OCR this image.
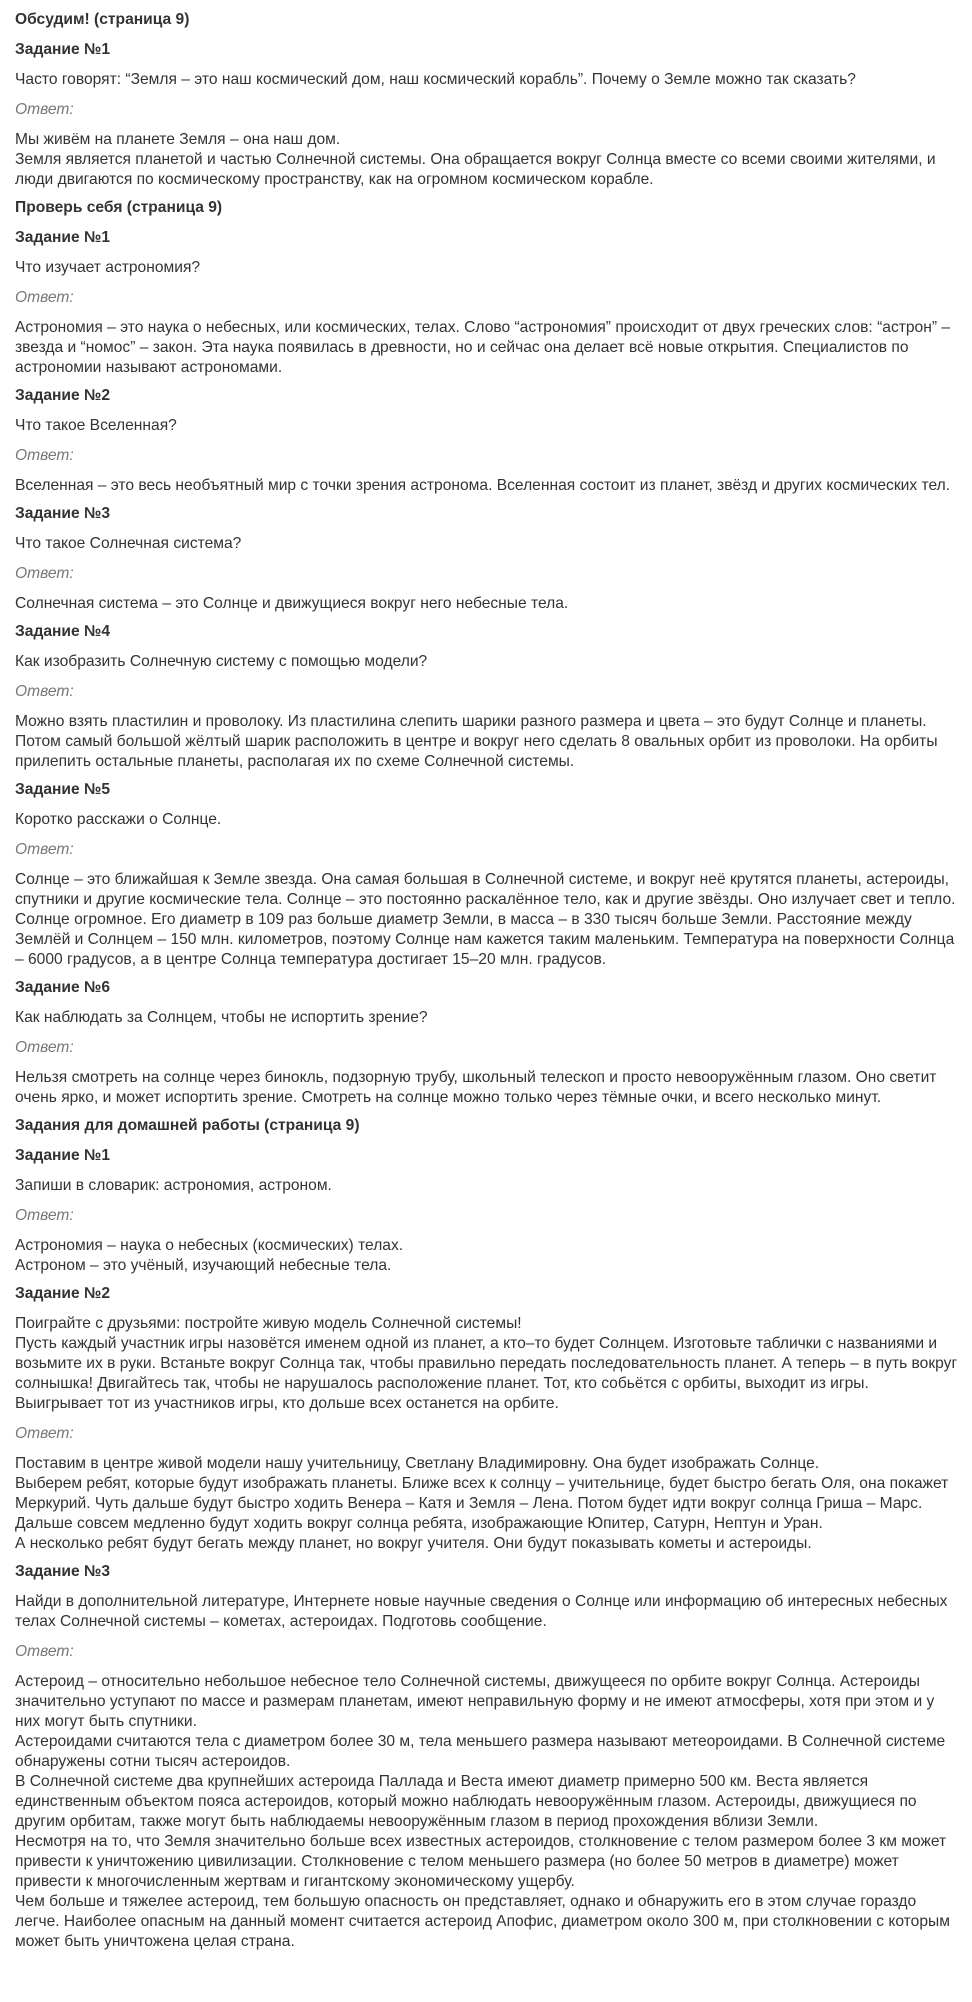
Обсудим! (страница 9)
Задание №1

Часто говорят: “Земля – это наш космический дом, наш космический корабль”. Почему о Земле можно так сказать?

Ответ:

Мы живём на планете Земля – она наш дом.

Земля является планетой и частью Солнечной системы. Она обращается вокруг Солнца вместе со всеми своими жителями, и люди двигаются по космическому пространству, как на огромном космическом корабле.

Проверь себя (страница 9)
Задание №1

Что изучает астрономия?

Ответ:

Астрономия – это наука о небесных, или космических, телах. Слово “астрономия” происходит от двух греческих слов: “астрон” – звезда и “номос” – закон. Эта наука появилась в древности, но и сейчас она делает всё новые открытия. Специалистов по астрономии называют астрономами.

Задание №2

Что такое Вселенная?

Ответ:

Вселенная – это весь необъятный мир с точки зрения астронома. Вселенная состоит из планет, звёзд и других космических тел.

Задание №3

Что такое Солнечная система?

Ответ:

Солнечная система – это Солнце и движущиеся вокруг него небесные тела.

Задание №4

Как изобразить Солнечную систему с помощью модели?

Ответ:

Можно взять пластилин и проволоку. Из пластилина слепить шарики разного размера и цвета – это будут Солнце и планеты. Потом самый большой жёлтый шарик расположить в центре и вокруг него сделать 8 овальных орбит из проволоки. На орбиты прилепить остальные планеты, располагая их по схеме Солнечной системы.

Задание №5

Коротко расскажи о Солнце.

Ответ:

Солнце – это ближайшая к Земле звезда. Она самая большая в Солнечной системе, и вокруг неё крутятся планеты, астероиды, спутники и другие космические тела. Солнце – это постоянно раскалённое тело, как и другие звёзды. Оно излучает свет и тепло.

Солнце огромное. Его диаметр в 109 раз больше диаметр Земли, в масса – в 330 тысяч больше Земли. Расстояние между Землёй и Солнцем – 150 млн. километров, поэтому Солнце нам кажется таким маленьким. Температура на поверхности Солнца – 6000 градусов, а в центре Солнца температура достигает 15–20 млн. градусов.

Задание №6

Как наблюдать за Солнцем, чтобы не испортить зрение?

Ответ:

Нельзя смотреть на солнце через бинокль, подзорную трубу, школьный телескоп и просто невооружённым глазом. Оно светит очень ярко, и может испортить зрение. Смотреть на солнце можно только через тёмные очки, и всего несколько минут.

Задания для домашней работы (страница 9)
Задание №1

Запиши в словарик: астрономия, астроном.

Ответ:

Астрономия – наука о небесных (космических) телах.

Астроном – это учёный, изучающий небесные тела.

Задание №2

Поиграйте с друзьями: постройте живую модель Солнечной системы!

Пусть каждый участник игры назовётся именем одной из планет, а кто–то будет Солнцем. Изготовьте таблички с названиями и возьмите их в руки. Встаньте вокруг Солнца так, чтобы правильно передать последовательность планет. А теперь – в путь вокруг солнышка! Двигайтесь так, чтобы не нарушалось расположение планет. Тот, кто собьётся с орбиты, выходит из игры. Выигрывает тот из участников игры, кто дольше всех останется на орбите.

Ответ:

Поставим в центре живой модели нашу учительницу, Светлану Владимировну. Она будет изображать Солнце.

Выберем ребят, которые будут изображать планеты. Ближе всех к солнцу – учительнице, будет быстро бегать Оля, она покажет Меркурий. Чуть дальше будут быстро ходить Венера – Катя и Земля – Лена. Потом будет идти вокруг солнца Гриша – Марс. Дальше совсем медленно будут ходить вокруг солнца ребята, изображающие Юпитер, Сатурн, Нептун и Уран.

А несколько ребят будут бегать между планет, но вокруг учителя. Они будут показывать кометы и астероиды.

Задание №3

Найди в дополнительной литературе, Интернете новые научные сведения о Солнце или информацию об интересных небесных телах Солнечной системы – кометах, астероидах. Подготовь сообщение.

Ответ:

Астероид – относительно небольшое небесное тело Солнечной системы, движущееся по орбите вокруг Солнца. Астероиды значительно уступают по массе и размерам планетам, имеют неправильную форму и не имеют атмосферы, хотя при этом и у них могут быть спутники.

Астероидами считаются тела с диаметром более 30 м, тела меньшего размера называют метеороидами. В Солнечной системе обнаружены сотни тысяч астероидов.

В Солнечной системе два крупнейших астероида Паллада и Веста имеют диаметр примерно 500 км. Веста является единственным объектом пояса астероидов, который можно наблюдать невооружённым глазом. Астероиды, движущиеся по другим орбитам, также могут быть наблюдаемы невооружённым глазом в период прохождения вблизи Земли.

Несмотря на то, что Земля значительно больше всех известных астероидов, столкновение с телом размером более 3 км может привести к уничтожению цивилизации. Столкновение с телом меньшего размера (но более 50 метров в диаметре) может привести к многочисленным жертвам и гигантскому экономическому ущербу.

Чем больше и тяжелее астероид, тем большую опасность он представляет, однако и обнаружить его в этом случае гораздо легче. Наиболее опасным на данный момент считается астероид Апофис, диаметром около 300 м, при столкновении с которым может быть уничтожена целая страна.
